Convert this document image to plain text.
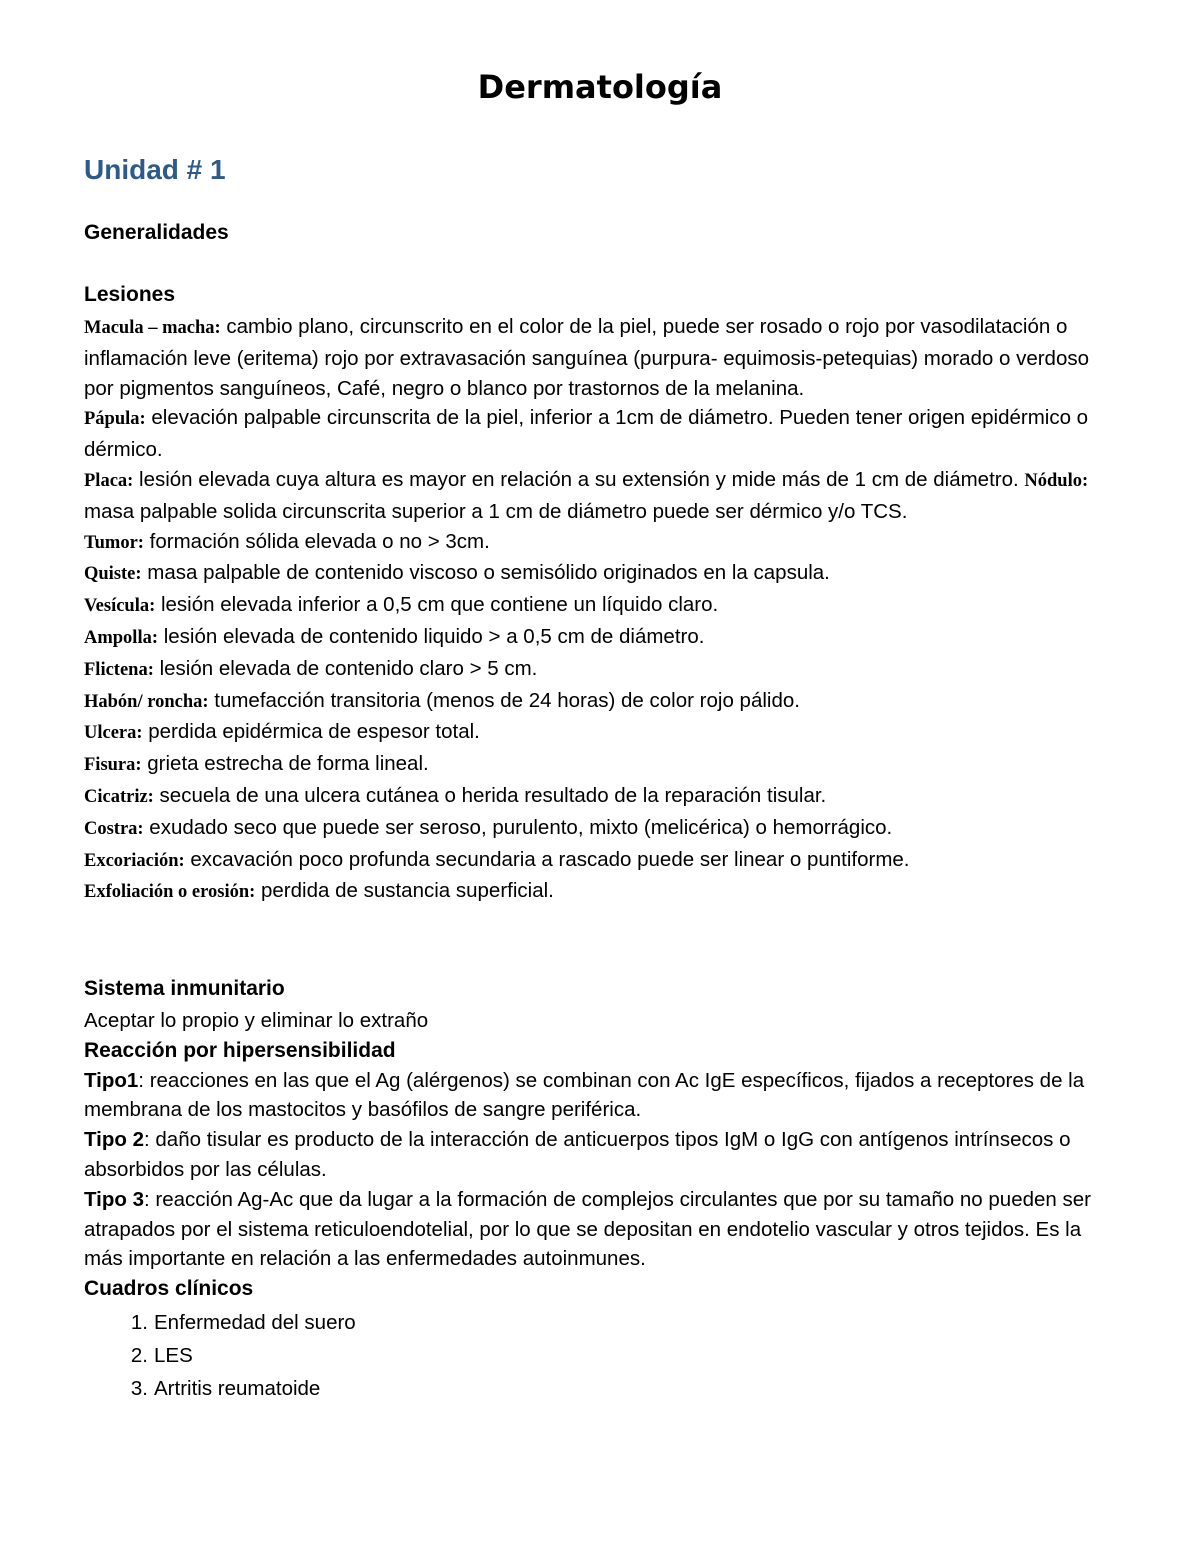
Dermatología
Unidad # 1
Generalidades
Lesiones

Macula – macha: cambio plano, circunscrito en el color de la piel, puede ser rosado o rojo por vasodilatación o inflamación leve (eritema) rojo por extravasación sanguínea (purpura- equimosis-petequias) morado o verdoso por pigmentos sanguíneos, Café, negro o blanco por trastornos de la melanina.

Pápula: elevación palpable circunscrita de la piel, inferior a 1cm de diámetro. Pueden tener origen epidérmico o dérmico.

Placa: lesión elevada cuya altura es mayor en relación a su extensión y mide más de 1 cm de diámetro. Nódulo: masa palpable solida circunscrita superior a 1 cm de diámetro puede ser dérmico y/o TCS.

Tumor: formación sólida elevada o no > 3cm.

Quiste: masa palpable de contenido viscoso o semisólido originados en la capsula.

Vesícula: lesión elevada inferior a 0,5 cm que contiene un líquido claro.

Ampolla: lesión elevada de contenido liquido > a 0,5 cm de diámetro.

Flictena: lesión elevada de contenido claro > 5 cm.

Habón/ roncha: tumefacción transitoria (menos de 24 horas) de color rojo pálido.

Ulcera: perdida epidérmica de espesor total.

Fisura: grieta estrecha de forma lineal.

Cicatriz: secuela de una ulcera cutánea o herida resultado de la reparación tisular.

Costra: exudado seco que puede ser seroso, purulento, mixto (melicérica) o hemorrágico.

Excoriación: excavación poco profunda secundaria a rascado puede ser linear o puntiforme.

Exfoliación o erosión: perdida de sustancia superficial.

Sistema inmunitario

Aceptar lo propio y eliminar lo extraño

Reacción por hipersensibilidad

Tipo1: reacciones en las que el Ag (alérgenos) se combinan con Ac IgE específicos, fijados a receptores de la membrana de los mastocitos y basófilos de sangre periférica.

Tipo 2: daño tisular es producto de la interacción de anticuerpos tipos IgM o IgG con antígenos intrínsecos o absorbidos por las células.

Tipo 3: reacción Ag-Ac que da lugar a la formación de complejos circulantes que por su tamaño no pueden ser atrapados por el sistema reticuloendotelial, por lo que se depositan en endotelio vascular y otros tejidos. Es la más importante en relación a las enfermedades autoinmunes.

Cuadros clínicos

1. Enfermedad del suero
2. LES
3. Artritis reumatoide
